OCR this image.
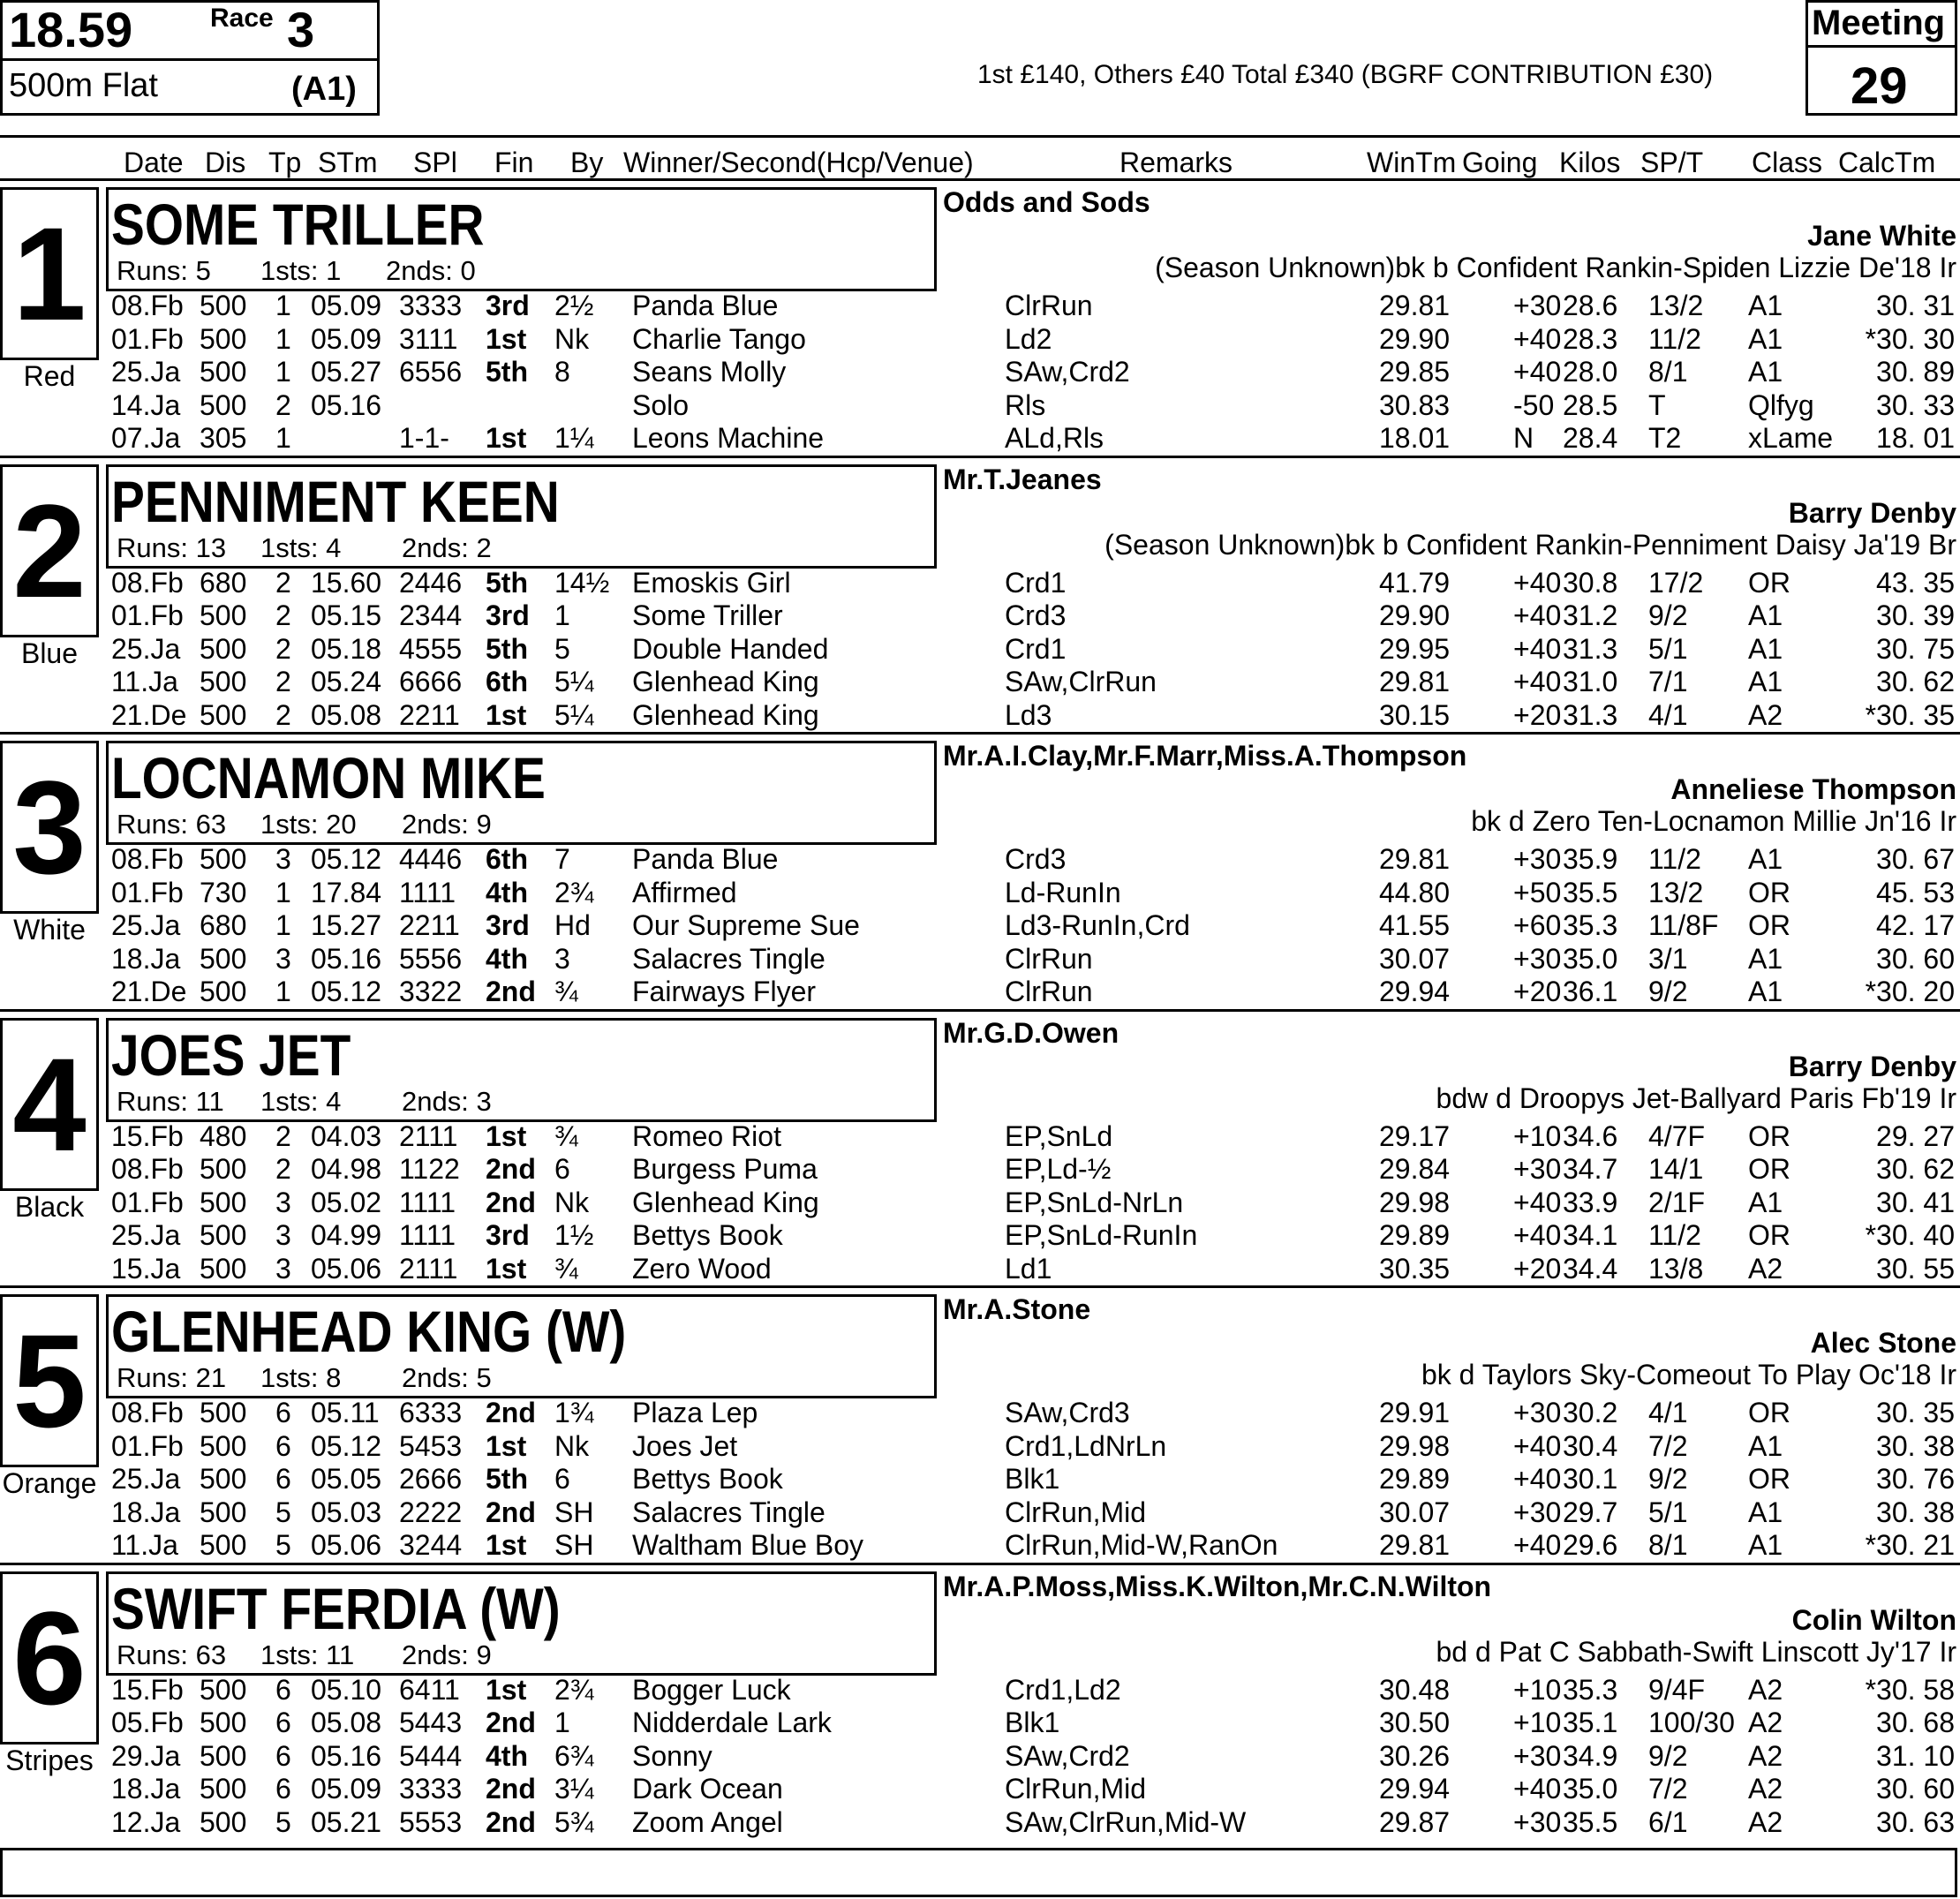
18.59	Race 3
500m Flat	(A1)	1st £140, Others £40 Total £340 (BGRF CONTRIBUTION £30)
Meeting
29
Date Dis Tp STm SPl Fin By Winner/Second(Hcp/Venue)	Remarks	WinTm Going Kilos SP/T Class CalcTm
1
Red
SOME TRILLER
Runs: 5 1sts: 1 2nds: 0
Odds and Sods
Jane White
(Season Unknown)bk b Confident Rankin-Spiden Lizzie De'18 Ir
08.Fb 500 1 05.09 3333 3rd 2½ Panda Blue	ClrRun	29.81 +30 28.6 13/2 A1	30. 31
01.Fb 500 1 05.09 3111 1st Nk Charlie Tango	Ld2	29.90 +40 28.3 11/2 A1	*30. 30
25.Ja 500 1 05.27 6556 5th 8 Seans Molly	SAw,Crd2	29.85 +40 28.0 8/1 A1	30. 89
14.Ja 500 2 05.16	Solo	Rls	30.83 -50 28.5 T	Qlfyg 30. 33
07.Ja 305 1	1-1- 1st 1¼ Leons Machine	ALd,Rls	18.01 N 28.4 T2 xLame 18. 01
2
Blue
PENNIMENT KEEN
Runs: 13 1sts: 4 2nds: 2
Mr.T.Jeanes
Barry Denby
(Season Unknown)bk b Confident Rankin-Penniment Daisy Ja'19 Br
08.Fb 680 2 15.60 2446 5th 14½ Emoskis Girl	Crd1	41.79 +40 30.8 17/2 OR	43. 35
01.Fb 500 2 05.15 2344 3rd 1 Some Triller	Crd3	29.90 +40 31.2 9/2 A1	30. 39
25.Ja 500 2 05.18 4555 5th 5 Double Handed	Crd1	29.95 +40 31.3 5/1 A1	30. 75
11.Ja 500 2 05.24 6666 6th 5¼ Glenhead King	SAw,ClrRun	29.81 +40 31.0 7/1 A1	30. 62
21.De 500 2 05.08 2211 1st 5¼ Glenhead King	Ld3	30.15 +20 31.3 4/1 A2	*30. 35
3
White
LOCNAMON MIKE
Runs: 63 1sts: 20 2nds: 9
Mr.A.I.Clay,Mr.F.Marr,Miss.A.Thompson
Anneliese Thompson
bk d Zero Ten-Locnamon Millie Jn'16 Ir
08.Fb 500 3 05.12 4446 6th 7 Panda Blue	Crd3	29.81 +30 35.9 11/2 A1	30. 67
01.Fb 730 1 17.84 1111 4th 2¾ Affirmed	Ld-RunIn	44.80 +50 35.5 13/2 OR	45. 53
25.Ja 680 1 15.27 2211 3rd Hd Our Supreme Sue	Ld3-RunIn,Crd	41.55 +60 35.3 11/8F OR	42. 17
18.Ja 500 3 05.16 5556 4th 3 Salacres Tingle	ClrRun	30.07 +30 35.0 3/1 A1	30. 60
21.De 500 1 05.12 3322 2nd ¾ Fairways Flyer	ClrRun	29.94 +20 36.1 9/2 A1	*30. 20
4
Black
JOES JET
Runs: 11 1sts: 4 2nds: 3
Mr.G.D.Owen
Barry Denby
bdw d Droopys Jet-Ballyard Paris Fb'19 Ir
15.Fb 480 2 04.03 2111 1st ¾ Romeo Riot	EP,SnLd	29.17 +10 34.6 4/7F OR	29. 27
08.Fb 500 2 04.98 1122 2nd 6 Burgess Puma	EP,Ld-½	29.84 +30 34.7 14/1 OR	30. 62
01.Fb 500 3 05.02 1111 2nd Nk Glenhead King	EP,SnLd-NrLn	29.98 +40 33.9 2/1F A1	30. 41
25.Ja 500 3 04.99 1111 3rd 1½ Bettys Book	EP,SnLd-RunIn	29.89 +40 34.1 11/2 OR	*30. 40
15.Ja 500 3 05.06 2111 1st ¾ Zero Wood	Ld1	30.35 +20 34.4 13/8 A2	30. 55
5
Orange
GLENHEAD KING (W)
Runs: 21 1sts: 8 2nds: 5
Mr.A.Stone
Alec Stone
bk d Taylors Sky-Comeout To Play Oc'18 Ir
08.Fb 500 6 05.11 6333 2nd 1¾ Plaza Lep	SAw,Crd3	29.91 +30 30.2 4/1 OR	30. 35
01.Fb 500 6 05.12 5453 1st Nk Joes Jet	Crd1,LdNrLn	29.98 +40 30.4 7/2 A1	30. 38
25.Ja 500 6 05.05 2666 5th 6 Bettys Book	Blk1	29.89 +40 30.1 9/2 OR	30. 76
18.Ja 500 5 05.03 2222 2nd SH Salacres Tingle	ClrRun,Mid	30.07 +30 29.7 5/1 A1	30. 38
11.Ja 500 5 05.06 3244 1st SH Waltham Blue Boy	ClrRun,Mid-W,RanOn	29.81 +40 29.6 8/1 A1	*30. 21
6
Stripes
SWIFT FERDIA (W)
Runs: 63 1sts: 11 2nds: 9
Mr.A.P.Moss,Miss.K.Wilton,Mr.C.N.Wilton
Colin Wilton
bd d Pat C Sabbath-Swift Linscott Jy'17 Ir
15.Fb 500 6 05.10 6411 1st 2¾ Bogger Luck	Crd1,Ld2	30.48 +10 35.3 9/4F A2	*30. 58
05.Fb 500 6 05.08 5443 2nd 1 Nidderdale Lark	Blk1	30.50 +10 35.1 100/30 A2	30. 68
29.Ja 500 6 05.16 5444 4th 6¾ Sonny	SAw,Crd2	30.26 +30 34.9 9/2 A2	31. 10
18.Ja 500 6 05.09 3333 2nd 3¼ Dark Ocean	ClrRun,Mid	29.94 +40 35.0 7/2 A2	30. 60
12.Ja 500 5 05.21 5553 2nd 5¾ Zoom Angel	SAw,ClrRun,Mid-W	29.87 +30 35.5 6/1 A2	30. 63
